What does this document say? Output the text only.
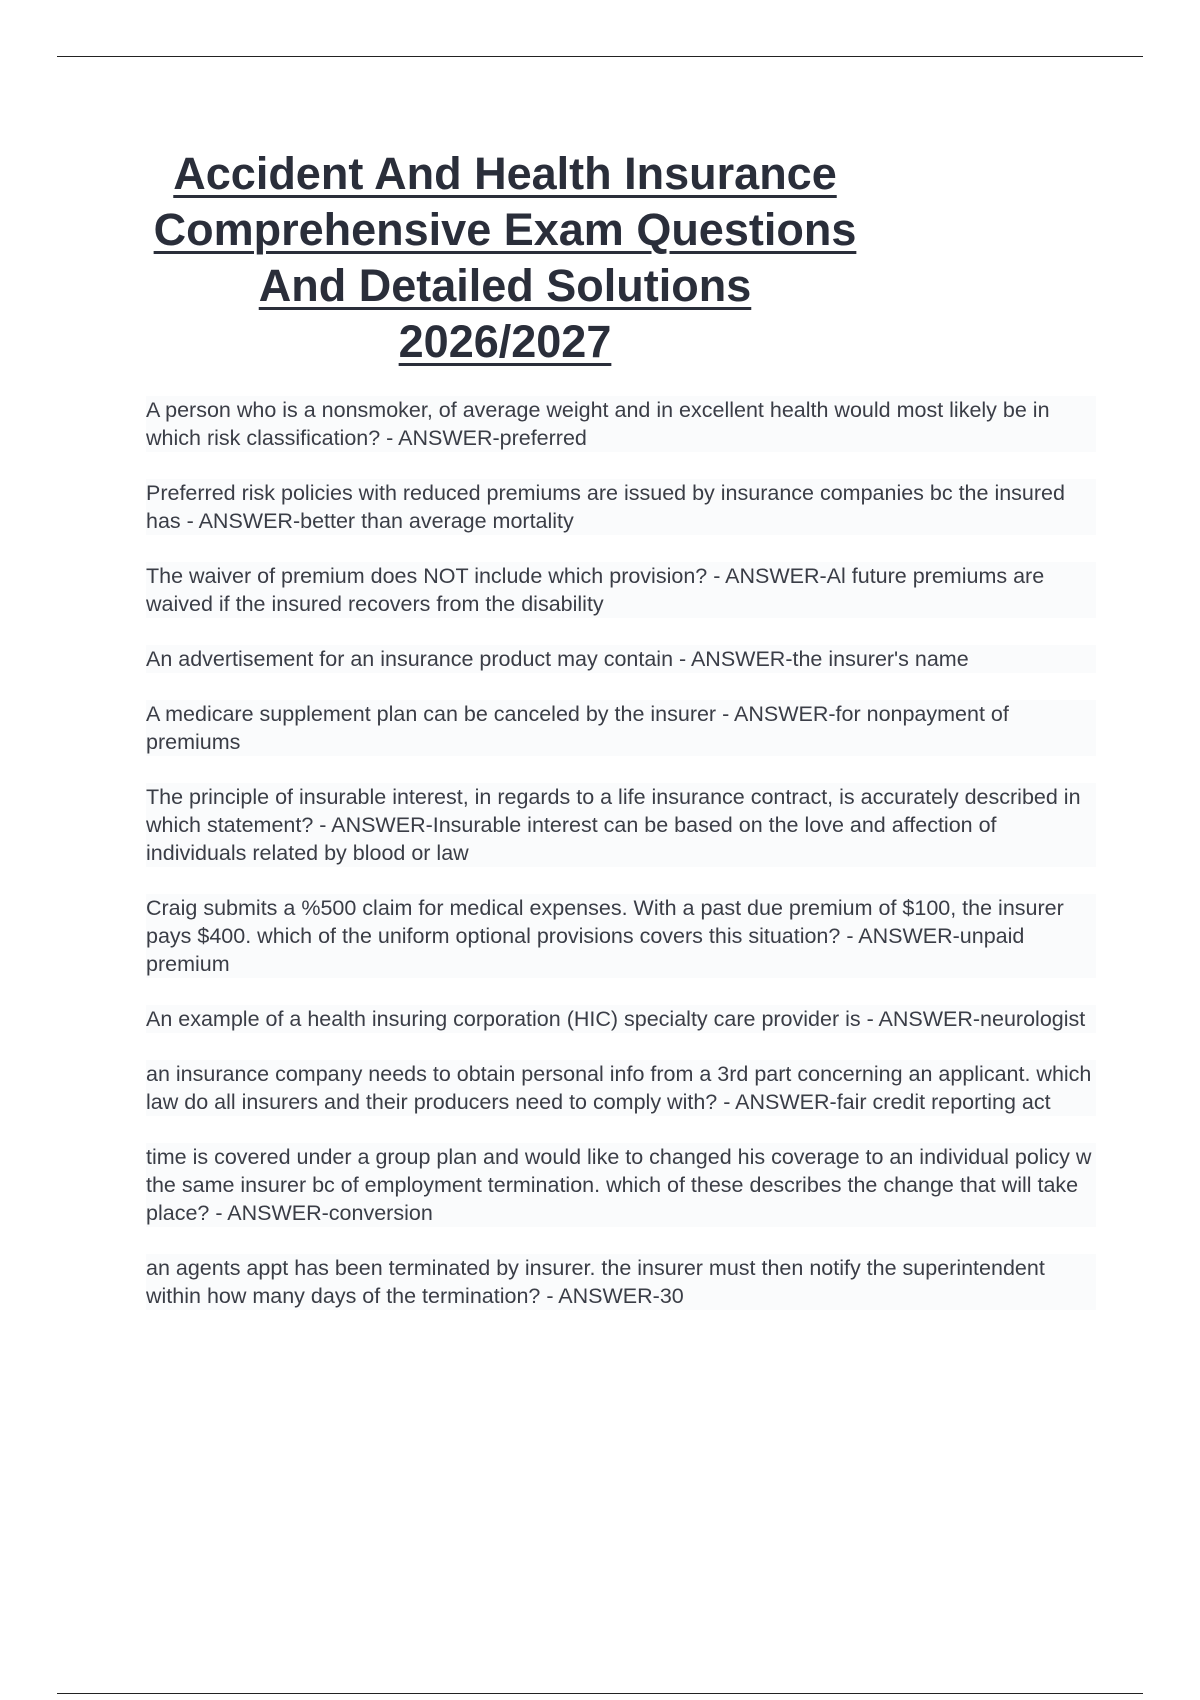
Accident And Health Insurance Comprehensive Exam Questions And Detailed Solutions 2026/2027
A person who is a nonsmoker, of average weight and in excellent health would most likely be in which risk classification? - ANSWER-preferred
Preferred risk policies with reduced premiums are issued by insurance companies bc the insured has - ANSWER-better than average mortality
The waiver of premium does NOT include which provision? - ANSWER-Al future premiums are waived if the insured recovers from the disability
An advertisement for an insurance product may contain - ANSWER-the insurer's name
A medicare supplement plan can be canceled by the insurer - ANSWER-for nonpayment of premiums
The principle of insurable interest, in regards to a life insurance contract, is accurately described in which statement? - ANSWER-Insurable interest can be based on the love and affection of individuals related by blood or law
Craig submits a %500 claim for medical expenses. With a past due premium of $100, the insurer pays $400. which of the uniform optional provisions covers this situation? - ANSWER-unpaid premium
An example of a health insuring corporation (HIC) specialty care provider is - ANSWER-neurologist
an insurance company needs to obtain personal info from a 3rd part concerning an applicant. which law do all insurers and their producers need to comply with? - ANSWER-fair credit reporting act
time is covered under a group plan and would like to changed his coverage to an individual policy w the same insurer bc of employment termination. which of these describes the change that will take place? - ANSWER-conversion
an agents appt has been terminated by insurer. the insurer must then notify the superintendent within how many days of the termination? - ANSWER-30
